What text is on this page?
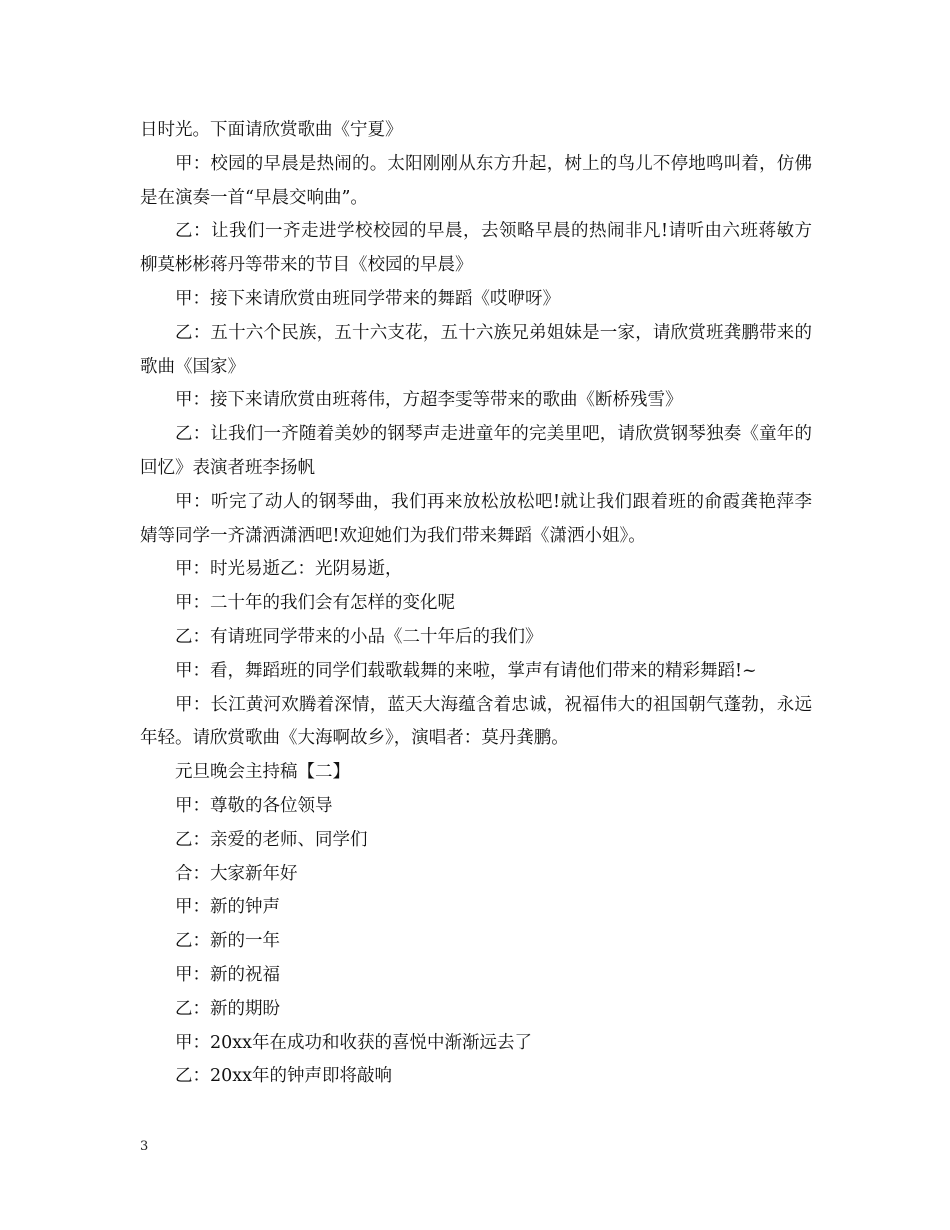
日时光。下面请欣赏歌曲《宁夏》

甲：校园的早晨是热闹的。太阳刚刚从东方升起，树上的鸟儿不停地鸣叫着，仿佛是在演奏一首“早晨交响曲”。

乙：让我们一齐走进学校校园的早晨，去领略早晨的热闹非凡!请听由六班蒋敏方柳莫彬彬蒋丹等带来的节目《校园的早晨》

甲：接下来请欣赏由班同学带来的舞蹈《哎咿呀》

乙：五十六个民族，五十六支花，五十六族兄弟姐妹是一家，请欣赏班龚鹏带来的歌曲《国家》

甲：接下来请欣赏由班蒋伟，方超李雯等带来的歌曲《断桥残雪》

乙：让我们一齐随着美妙的钢琴声走进童年的完美里吧，请欣赏钢琴独奏《童年的回忆》表演者班李扬帆

甲：听完了动人的钢琴曲，我们再来放松放松吧!就让我们跟着班的俞霞龚艳萍李婧等同学一齐潇洒潇洒吧!欢迎她们为我们带来舞蹈《潇洒小姐》。

甲：时光易逝乙：光阴易逝，

甲：二十年的我们会有怎样的变化呢

乙：有请班同学带来的小品《二十年后的我们》

甲：看，舞蹈班的同学们载歌载舞的来啦，掌声有请他们带来的精彩舞蹈!~

甲：长江黄河欢腾着深情，蓝天大海蕴含着忠诚，祝福伟大的祖国朝气蓬勃，永远年轻。请欣赏歌曲《大海啊故乡》，演唱者：莫丹龚鹏。

元旦晚会主持稿【二】

甲：尊敬的各位领导

乙：亲爱的老师、同学们

合：大家新年好

甲：新的钟声

乙：新的一年

甲：新的祝福

乙：新的期盼

甲：20xx年在成功和收获的喜悦中渐渐远去了

乙：20xx年的钟声即将敲响

3
